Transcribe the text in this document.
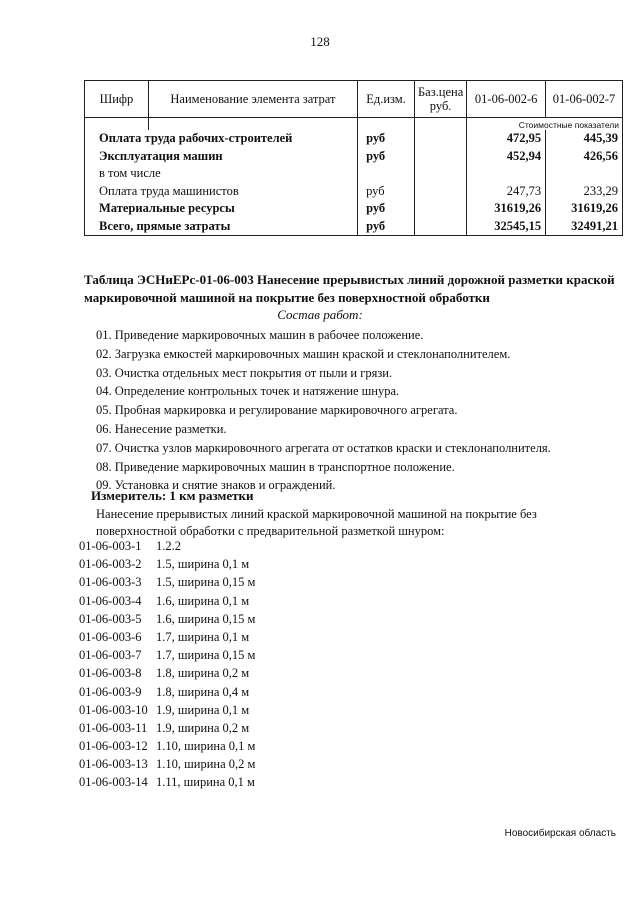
128
Шифр	Наименование элемента затрат	Ед.изм.	Баз.цена руб.	01-06-002-6	01-06-002-7
				Стоимостные показатели	
Оплата труда рабочих-строителей		руб		472,95	445,39
Эксплуатация машин		руб		452,94	426,56
в том числе					
Оплата труда машинистов		руб		247,73	233,29
Материальные ресурсы		руб		31619,26	31619,26
Всего, прямые затраты		руб		32545,15	32491,21
Таблица ЭСНиЕРс-01-06-003 Нанесение прерывистых линий дорожной разметки краской маркировочной машиной на покрытие без поверхностной обработки
Состав работ:
01. Приведение маркировочных машин в рабочее положение.
02. Загрузка емкостей маркировочных машин краской и стеклонаполнителем.
03. Очистка отдельных мест покрытия от пыли и грязи.
04. Определение контрольных точек и натяжение шнура.
05. Пробная маркировка и регулирование маркировочного агрегата.
06. Нанесение разметки.
07. Очистка узлов маркировочного агрегата от остатков краски и стеклонаполнителя.
08. Приведение маркировочных машин в транспортное положение.
09. Установка и снятие знаков и ограждений.
Измеритель: 1 км разметки
Нанесение прерывистых линий краской маркировочной машиной на покрытие без поверхностной обработки с предварительной разметкой шнуром:
01-06-003-1 1.2.2
01-06-003-2 1.5, ширина 0,1 м
01-06-003-3 1.5, ширина 0,15 м
01-06-003-4 1.6, ширина 0,1 м
01-06-003-5 1.6, ширина 0,15 м
01-06-003-6 1.7, ширина 0,1 м
01-06-003-7 1.7, ширина 0,15 м
01-06-003-8 1.8, ширина 0,2 м
01-06-003-9 1.8, ширина 0,4 м
01-06-003-10 1.9, ширина 0,1 м
01-06-003-11 1.9, ширина 0,2 м
01-06-003-12 1.10, ширина 0,1 м
01-06-003-13 1.10, ширина 0,2 м
01-06-003-14 1.11, ширина 0,1 м
Новосибирская область
